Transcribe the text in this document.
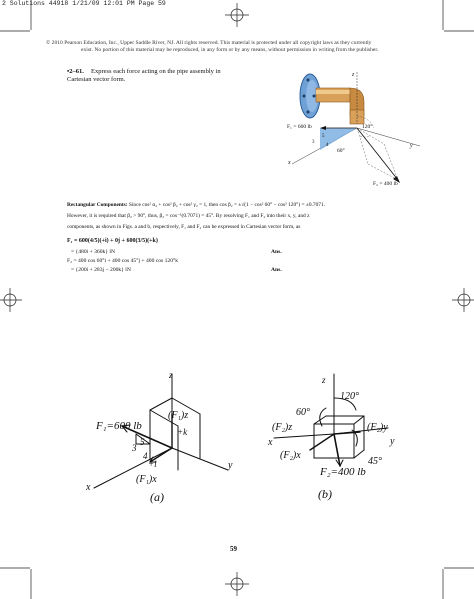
2 Solutions 44918 1/21/09 12:01 PM Page 59
© 2010 Pearson Education, Inc., Upper Saddle River, NJ. All rights reserved. This material is protected under all copyright laws as they currently
exist. No portion of this material may be reproduced, in any form or by any means, without permission in writing from the publisher.
•2–61. Express each force acting on the pipe assembly in
Cartesian vector form.
F₁ = 600 lb	120°
60°
5
3
4
z
x
y
F₂ = 400 lb
Rectangular Components: Since cos² α₂ + cos² β₂ + cos² γ₂ = 1, then cos β₂ = ±√(1 − cos² 60° − cos² 120°) = ±0.7071.
However, it is required that β₂ > 90°, thus, β₂ = cos⁻¹(0.7071) = 45°. By resolving F₁ and F₂ into their x, y, and z
components, as shown in Figs. a and b, respectively, F₁ and F₂ can be expressed in Cartesian vector form, as
F₁ = 600(4/5)(+i) + 0j + 600(3/5)(+k)
= {480i + 360k} lN	Ans.
F₂ = 400 cos 60°i + 400 cos 45°j + 400 cos 120°k
= {200i + 283j − 200k} lN	Ans.
F₁=600 lb
(F₁)z
+k
5
3
4
+i
(F₁)x
z
x
y
(a)
z
120°
60°
(F₂)z	(F₂)y
x	y
(F₂)x
45°
F₂=400 lb
(b)
59
